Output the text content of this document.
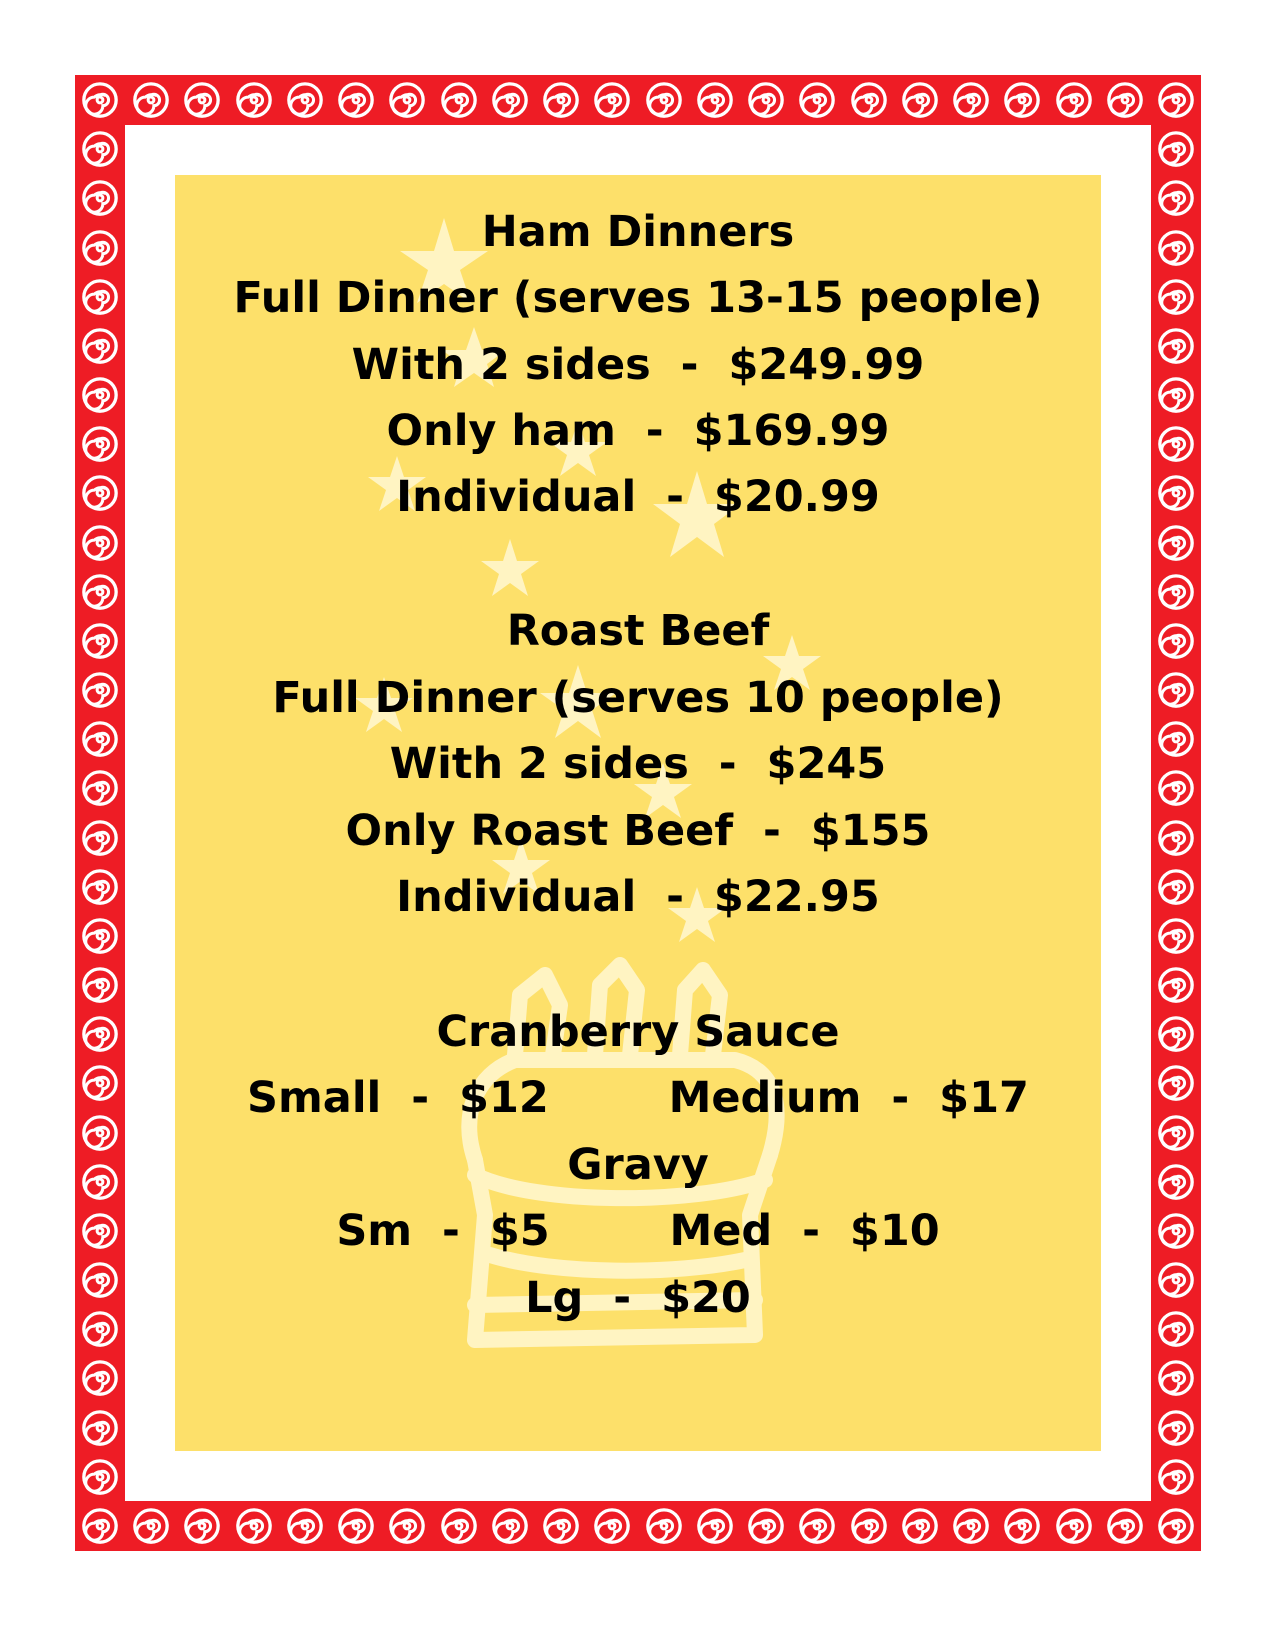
Ham Dinners
Full Dinner (serves 13-15 people)
With 2 sides  -  $249.99
Only ham  -  $169.99
Individual  -  $20.99
Roast Beef
Full Dinner (serves 10 people)
With 2 sides  -  $245
Only Roast Beef  -  $155
Individual  -  $22.95
Cranberry Sauce
Small  -  $12	Medium  -  $17
Gravy
Sm  -  $5	Med  -  $10
Lg  -  $20
